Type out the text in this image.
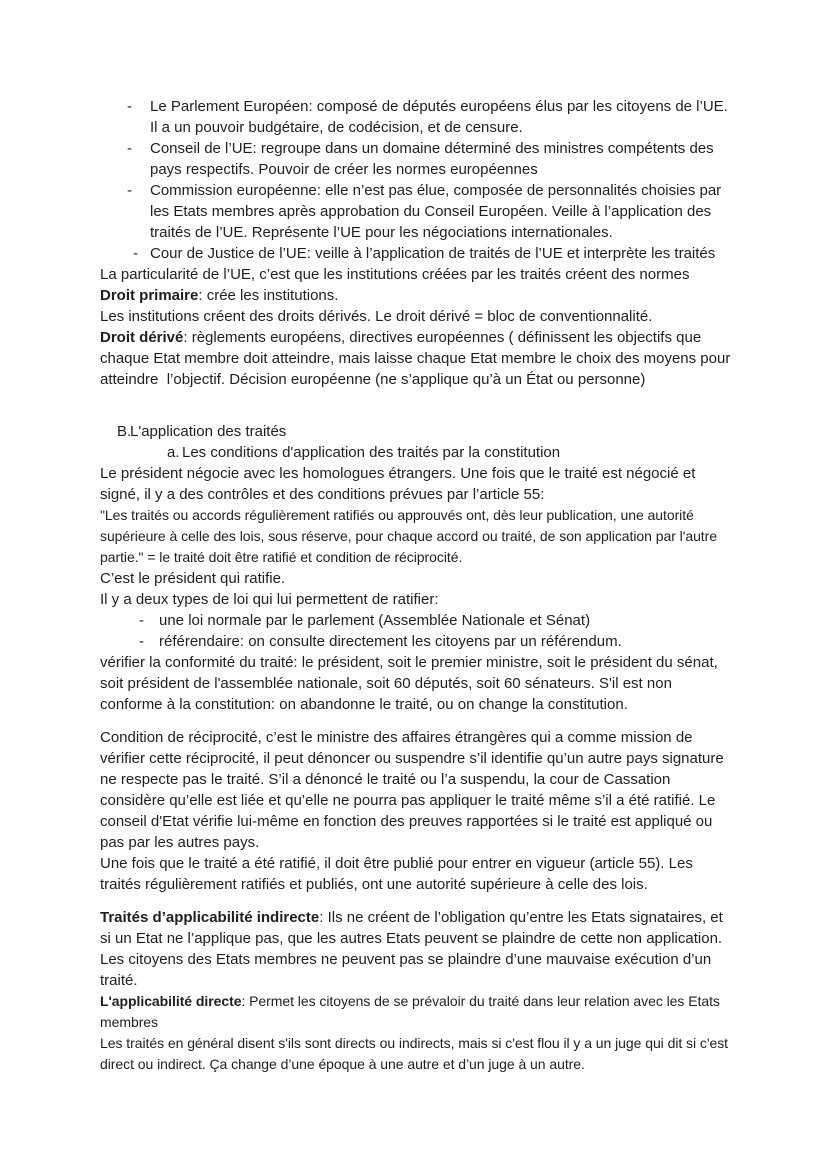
- Le Parlement Européen: composé de députés européens élus par les citoyens de l’UE. Il a un pouvoir budgétaire, de codécision, et de censure.
- Conseil de l’UE: regroupe dans un domaine déterminé des ministres compétents des pays respectifs. Pouvoir de créer les normes européennes
- Commission européenne: elle n’est pas élue, composée de personnalités choisies par les Etats membres après approbation du Conseil Européen. Veille à l’application des traités de l’UE. Représente l’UE pour les négociations internationales.
- Cour de Justice de l’UE: veille à l’application de traités de l’UE et interprète les traités
La particularité de l’UE, c’est que les institutions créées par les traités créent des normes
Droit primaire: crée les institutions.
Les institutions créent des droits dérivés. Le droit dérivé = bloc de conventionnalité.
Droit dérivé: règlements européens, directives européennes ( définissent les objectifs que chaque Etat membre doit atteindre, mais laisse chaque Etat membre le choix des moyens pour atteindre  l’objectif. Décision européenne (ne s’applique qu’à un État ou personne)
B.
L'application des traités
a. Les conditions d'application des traités par la constitution
Le président négocie avec les homologues étrangers. Une fois que le traité est négocié et signé, il y a des contrôles et des conditions prévues par l’article 55:
"Les traités ou accords régulièrement ratifiés ou approuvés ont, dès leur publication, une autorité supérieure à celle des lois, sous réserve, pour chaque accord ou traité, de son application par l'autre partie." = le traité doit être ratifié et condition de réciprocité.
C’est le président qui ratifie.
Il y a deux types de loi qui lui permettent de ratifier:
- une loi normale par le parlement (Assemblée Nationale et Sénat)
- référendaire: on consulte directement les citoyens par un référendum.
vérifier la conformité du traité: le président, soit le premier ministre, soit le président du sénat, soit président de l'assemblée nationale, soit 60 députés, soit 60 sénateurs. S'il est non conforme à la constitution: on abandonne le traité, ou on change la constitution.
Condition de réciprocité, c’est le ministre des affaires étrangères qui a comme mission de vérifier cette réciprocité, il peut dénoncer ou suspendre s’il identifie qu’un autre pays signature ne respecte pas le traité. S’il a dénoncé le traité ou l’a suspendu, la cour de Cassation considère qu’elle est liée et qu’elle ne pourra pas appliquer le traité même s’il a été ratifié. Le conseil d'Etat vérifie lui-même en fonction des preuves rapportées si le traité est appliqué ou pas par les autres pays.
Une fois que le traité a été ratifié, il doit être publié pour entrer en vigueur (article 55). Les traités régulièrement ratifiés et publiés, ont une autorité supérieure à celle des lois.
Traités d’applicabilité indirecte: Ils ne créent de l’obligation qu’entre les Etats signataires, et si un Etat ne l’applique pas, que les autres Etats peuvent se plaindre de cette non application. Les citoyens des Etats membres ne peuvent pas se plaindre d’une mauvaise exécution d’un traité.
L'applicabilité directe: Permet les citoyens de se prévaloir du traité dans leur relation avec les Etats membres
Les traités en général disent s'ils sont directs ou indirects, mais si c'est flou il y a un juge qui dit si c'est direct ou indirect. Ça change d’une époque à une autre et d’un juge à un autre.
